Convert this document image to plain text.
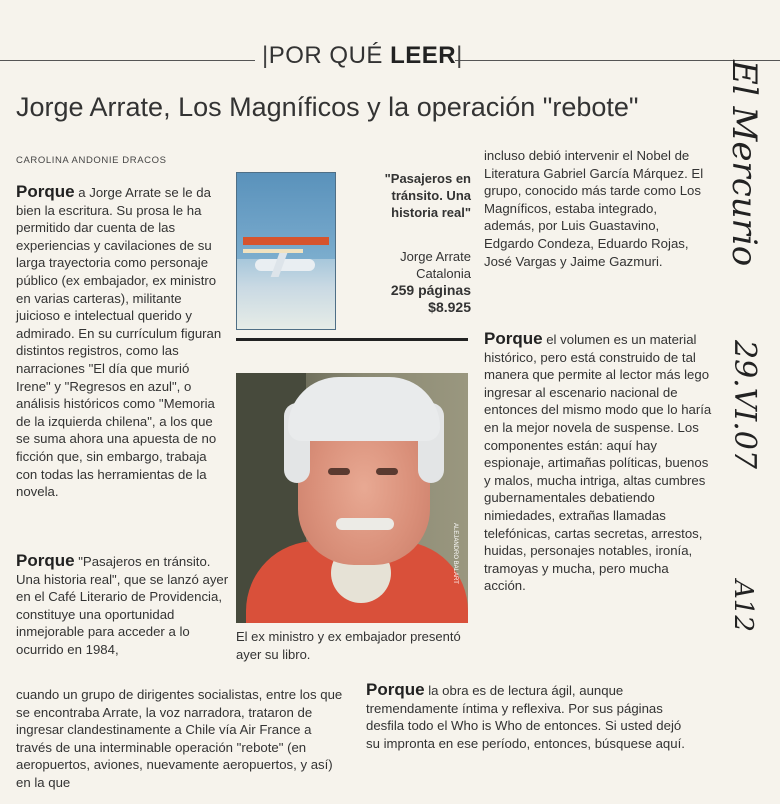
|POR QUÉ LEER|
Jorge Arrate, Los Magníficos y la operación "rebote"
CAROLINA ANDONIE DRACOS

Porque a Jorge Arrate se le da bien la escritura. Su prosa le ha permitido dar cuenta de las experiencias y cavilaciones de su larga trayectoria como personaje público (ex embajador, ex ministro en varias carteras), militante juicioso e intelectual querido y admirado. En su currículum figuran distintos registros, como las narraciones "El día que murió Irene" y "Regresos en azul", o análisis históricos como "Memoria de la izquierda chilena", a los que se suma ahora una apuesta de no ficción que, sin embargo, trabaja con todas las herramientas de la novela.

Porque "Pasajeros en tránsito. Una historia real", que se lanzó ayer en el Café Literario de Providencia, constituye una oportunidad inmejorable para acceder a lo ocurrido en 1984,

cuando un grupo de dirigentes socialistas, entre los que se encontraba Arrate, la voz narradora, trataron de ingresar clandestinamente a Chile vía Air France a través de una interminable operación "rebote" (en aeropuertos, aviones, nuevamente aeropuertos, y así) en la que

"Pasajeros en tránsito. Una historia real"
Jorge Arrate
Catalonia
259 páginas
$8.925
ALEJANDRO BALART
El ex ministro y ex embajador presentó ayer su libro.

incluso debió intervenir el Nobel de Literatura Gabriel García Márquez. El grupo, conocido más tarde como Los Magníficos, estaba integrado, además, por Luis Guastavino, Edgardo Condeza, Eduardo Rojas, José Vargas y Jaime Gazmuri.

Porque el volumen es un material histórico, pero está construido de tal manera que permite al lector más lego ingresar al escenario nacional de entonces del mismo modo que lo haría en la mejor novela de suspense. Los componentes están: aquí hay espionaje, artimañas políticas, buenos y malos, mucha intriga, altas cumbres gubernamentales debatiendo nimiedades, extrañas llamadas telefónicas, cartas secretas, arrestos, huidas, personajes notables, ironía, tramoyas y mucha, pero mucha acción.

Porque la obra es de lectura ágil, aunque tremendamente íntima y reflexiva. Por sus páginas desfila todo el Who is Who de entonces. Si usted dejó su impronta en ese período, entonces, búsquese aquí.

El Mercurio
29.VI.07
A12
